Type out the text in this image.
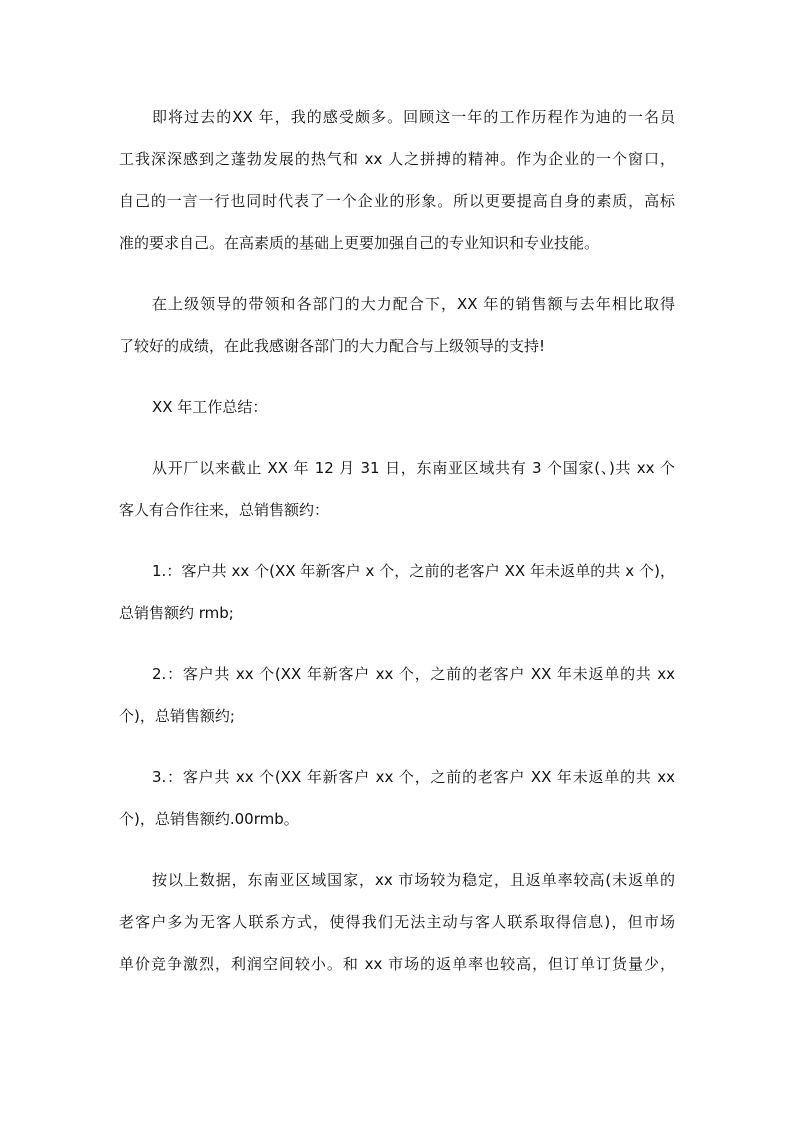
即将过去的XX 年，我的感受颇多。回顾这一年的工作历程作为迪的一名员
工我深深感到之蓬勃发展的热气和 xx 人之拼搏的精神。作为企业的一个窗口，
自己的一言一行也同时代表了一个企业的形象。所以更要提高自身的素质，高标
准的要求自己。在高素质的基础上更要加强自己的专业知识和专业技能。
在上级领导的带领和各部门的大力配合下，XX 年的销售额与去年相比取得
了较好的成绩，在此我感谢各部门的大力配合与上级领导的支持!
XX 年工作总结：
从开厂以来截止 XX 年 12 月 31 日，东南亚区域共有 3 个国家(、)共 xx 个
客人有合作往来，总销售额约：
1.：客户共 xx 个(XX 年新客户 x 个，之前的老客户 XX 年未返单的共 x 个)，
总销售额约 rmb;
2.：客户共 xx 个(XX 年新客户 xx 个，之前的老客户 XX 年未返单的共 xx
个)，总销售额约;
3.：客户共 xx 个(XX 年新客户 xx 个，之前的老客户 XX 年未返单的共 xx
个)，总销售额约.00rmb。
按以上数据，东南亚区域国家，xx 市场较为稳定，且返单率较高(未返单的
老客户多为无客人联系方式，使得我们无法主动与客人联系取得信息)，但市场
单价竞争激烈，利润空间较小。和 xx 市场的返单率也较高，但订单订货量少，
